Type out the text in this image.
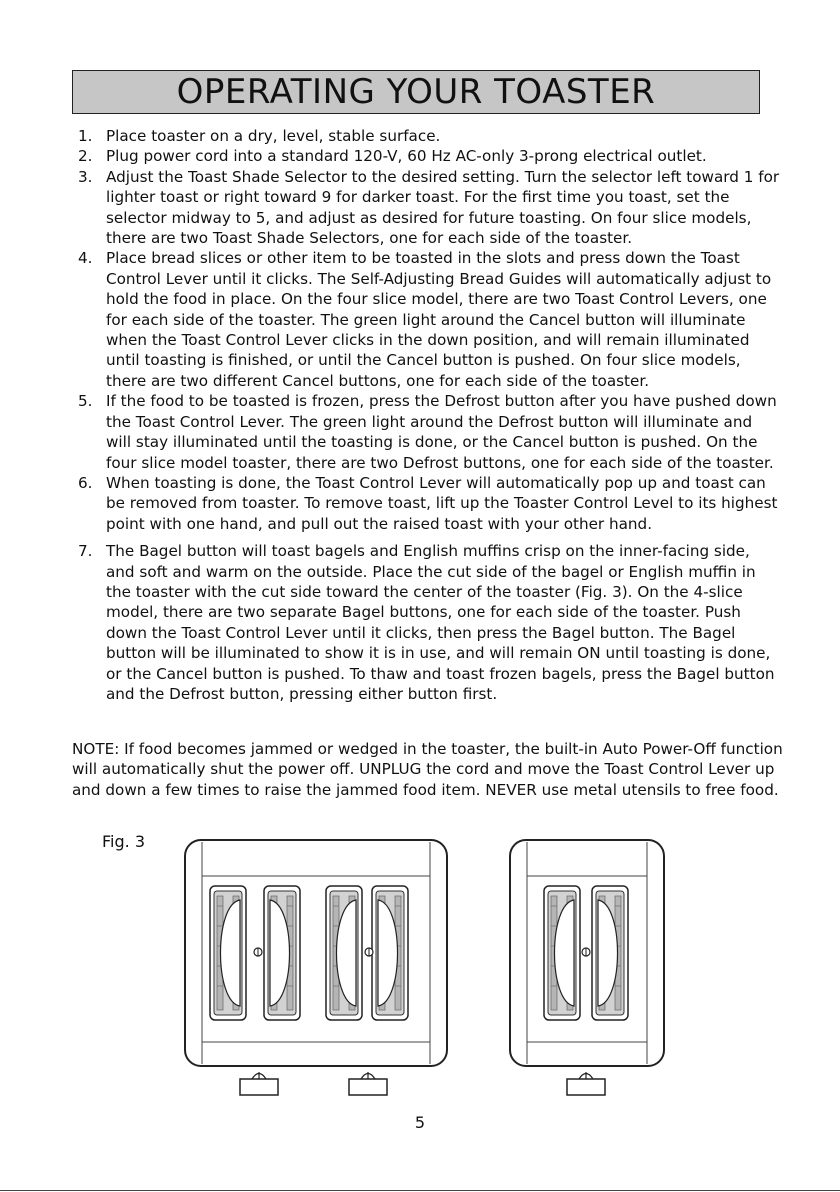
OPERATING YOUR TOASTER
1. Place toaster on a dry, level, stable surface.
2. Plug power cord into a standard 120-V, 60 Hz AC-only 3-prong electrical outlet.
3. Adjust the Toast Shade Selector to the desired setting. Turn the selector left toward 1 for lighter toast or right toward 9 for darker toast. For the first time you toast, set the selector midway to 5, and adjust as desired for future toasting. On four slice models, there are two Toast Shade Selectors, one for each side of the toaster.
4. Place bread slices or other item to be toasted in the slots and press down the Toast Control Lever until it clicks. The Self-Adjusting Bread Guides will automatically adjust to hold the food in place. On the four slice model, there are two Toast Control Levers, one for each side of the toaster. The green light around the Cancel button will illuminate when the Toast Control Lever clicks in the down position, and will remain illuminated until toasting is finished, or until the Cancel button is pushed. On four slice models, there are two different Cancel buttons, one for each side of the toaster.
5. If the food to be toasted is frozen, press the Defrost button after you have pushed down the Toast Control Lever. The green light around the Defrost button will illuminate and will stay illuminated until the toasting is done, or the Cancel button is pushed. On the four slice model toaster, there are two Defrost buttons, one for each side of the toaster.
6. When toasting is done, the Toast Control Lever will automatically pop up and toast can be removed from toaster. To remove toast, lift up the Toaster Control Level to its highest point with one hand, and pull out the raised toast with your other hand.
7. The Bagel button will toast bagels and English muffins crisp on the inner-facing side, and soft and warm on the outside. Place the cut side of the bagel or English muffin in the toaster with the cut side toward the center of the toaster (Fig. 3). On the 4-slice model, there are two separate Bagel buttons, one for each side of the toaster. Push down the Toast Control Lever until it clicks, then press the Bagel button. The Bagel button will be illuminated to show it is in use, and will remain ON until toasting is done, or the Cancel button is pushed. To thaw and toast frozen bagels, press the Bagel button and the Defrost button, pressing either button first.

NOTE: If food becomes jammed or wedged in the toaster, the built-in Auto Power-Off function will automatically shut the power off. UNPLUG the cord and move the Toast Control Lever up and down a few times to raise the jammed food item. NEVER use metal utensils to free food.

Fig. 3
5
